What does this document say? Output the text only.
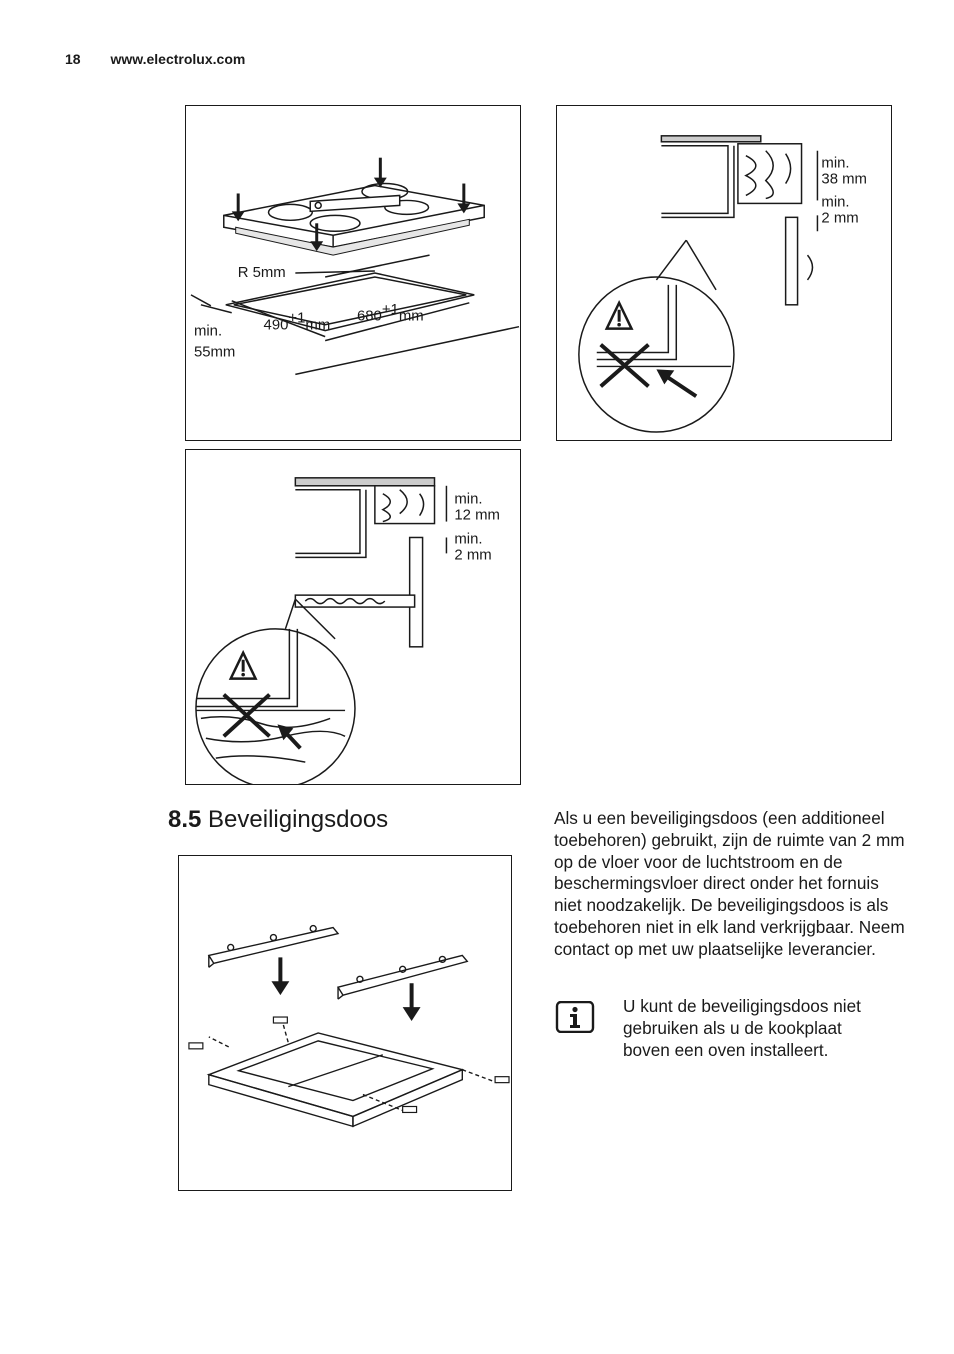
18 www.electrolux.com
R 5mm
490+1mm
680+1mm
min.
55mm
min.
38 mm
min.
2 mm
min.
12 mm
min.
2 mm
8.5 Beveiligingsdoos	Als u een beveiligingsdoos (een additioneel toebehoren) gebruikt, zijn de ruimte van 2 mm op de vloer voor de luchtstroom en de beschermingsvloer direct onder het fornuis niet noodzakelijk. De beveiligingsdoos is als toebehoren niet in elk land verkrijgbaar. Neem contact op met uw plaatselijke leverancier.

U kunt de beveiligingsdoos niet gebruiken als u de kookplaat boven een oven installeert.
